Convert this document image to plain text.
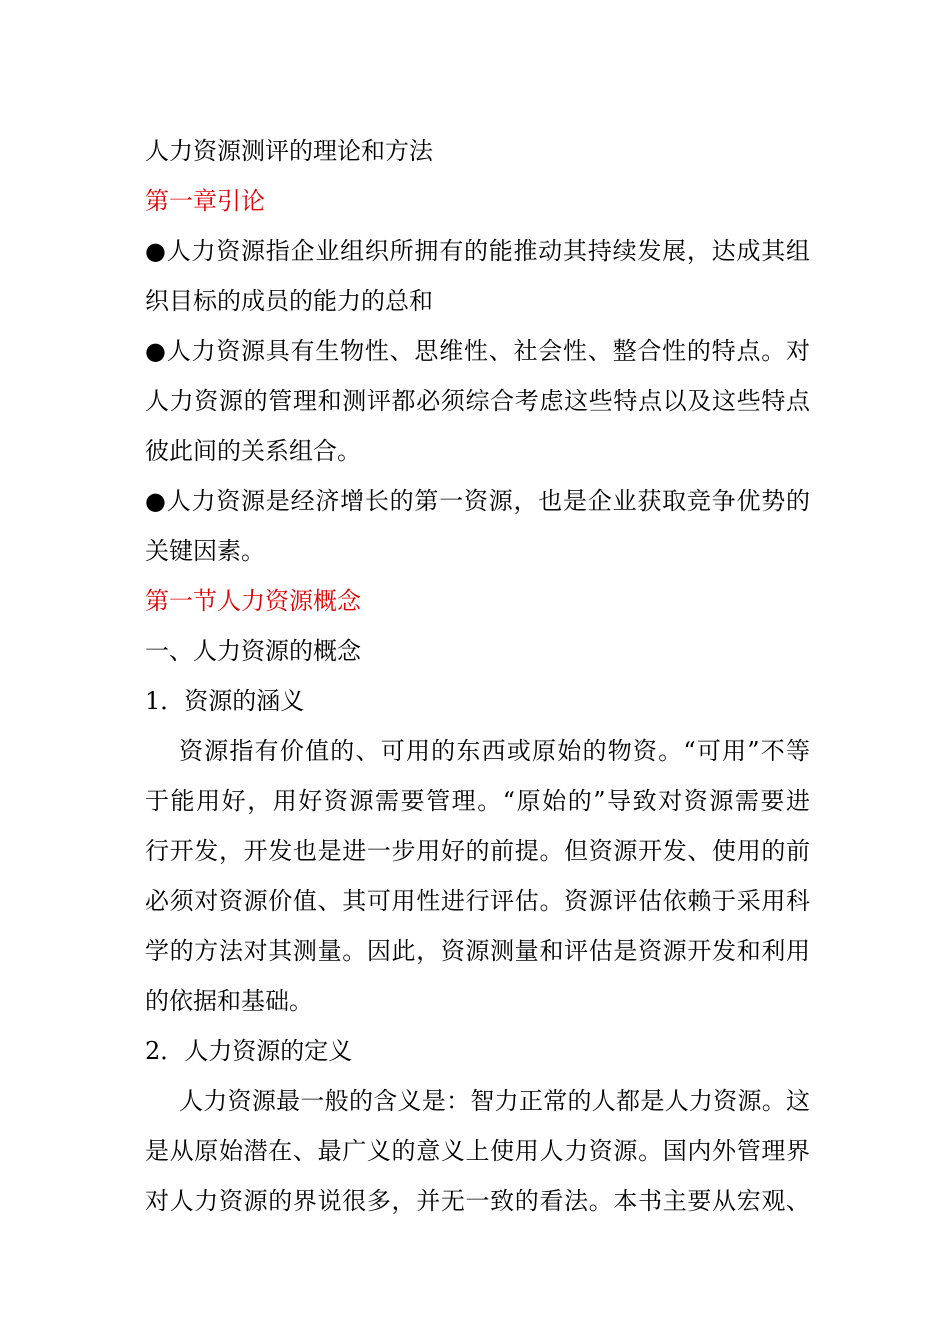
人力资源测评的理论和方法
第一章引论
●人力资源指企业组织所拥有的能推动其持续发展，达成其组
织目标的成员的能力的总和
●人力资源具有生物性、思维性、社会性、整合性的特点。对
人力资源的管理和测评都必须综合考虑这些特点以及这些特点
彼此间的关系组合。
●人力资源是经济增长的第一资源，也是企业获取竞争优势的
关键因素。
第一节人力资源概念
一、人力资源的概念
1．资源的涵义
资源指有价值的、可用的东西或原始的物资。“可用”不等
于能用好，用好资源需要管理。“原始的”导致对资源需要进
行开发，开发也是进一步用好的前提。但资源开发、使用的前
必须对资源价值、其可用性进行评估。资源评估依赖于采用科
学的方法对其测量。因此，资源测量和评估是资源开发和利用
的依据和基础。
2．人力资源的定义
人力资源最一般的含义是：智力正常的人都是人力资源。这
是从原始潜在、最广义的意义上使用人力资源。国内外管理界
对人力资源的界说很多，并无一致的看法。本书主要从宏观、
